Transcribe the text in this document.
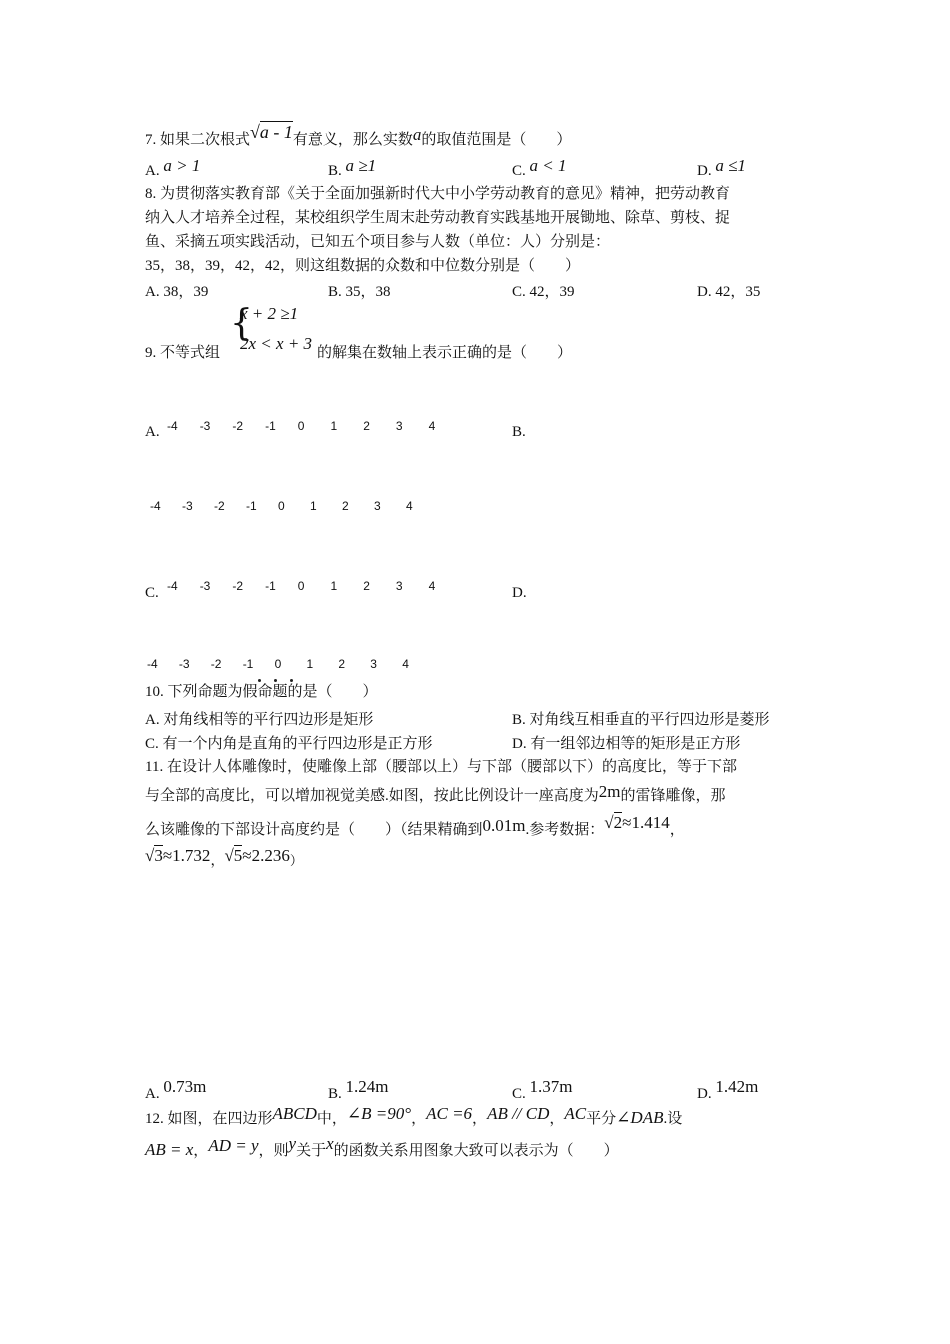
7. 如果二次根式√a - 1有意义，那么实数a的取值范围是（　　）
A. a > 1	B. a ≥1	C. a < 1	D. a ≤1
8. 为贯彻落实教育部《关于全面加强新时代大中小学劳动教育的意见》精神，把劳动教育
纳入人才培养全过程，某校组织学生周末赴劳动教育实践基地开展锄地、除草、剪枝、捉
鱼、采摘五项实践活动，已知五个项目参与人数（单位：人）分别是：
35，38，39，42，42，则这组数据的众数和中位数分别是（　　）
A. 38，39	B. 35，38	C. 42，39	D. 42，35
9. 不等式组
{
x + 2 ≥1
2x < x + 3 的解集在数轴上表示正确的是（　　）
A.	B.
C.	D.
-4 -3 -2 -1 0 1 2 3 4
-4 -3 -2 -1 0 1 2 3 4
-4 -3 -2 -1 0 1 2 3 4
-4 -3 -2 -1 0 1 2 3 4
10. 下列命题为假命题的是（　　）
A. 对角线相等的平行四边形是矩形	B. 对角线互相垂直的平行四边形是菱形
C. 有一个内角是直角的平行四边形是正方形	D. 有一组邻边相等的矩形是正方形
11. 在设计人体雕像时，使雕像上部（腰部以上）与下部（腰部以下）的高度比，等于下部
与全部的高度比，可以增加视觉美感.如图，按此比例设计一座高度为2m的雷锋雕像，那
么该雕像的下部设计高度约是（　　）（结果精确到0.01m.参考数据：√2≈1.414，
$√3\approx 1.732_,√5\approx 2.236_)$
A. 0.73m	B. 1.24m	C. 1.37m	D. 1.42m
12. 如图，在四边形ABCD中，∠B =90°，AC =6，AB // CD，AC平分∠DAB.设
AB = x，AD = y，则y关于x的函数关系用图象大致可以表示为（　　）
